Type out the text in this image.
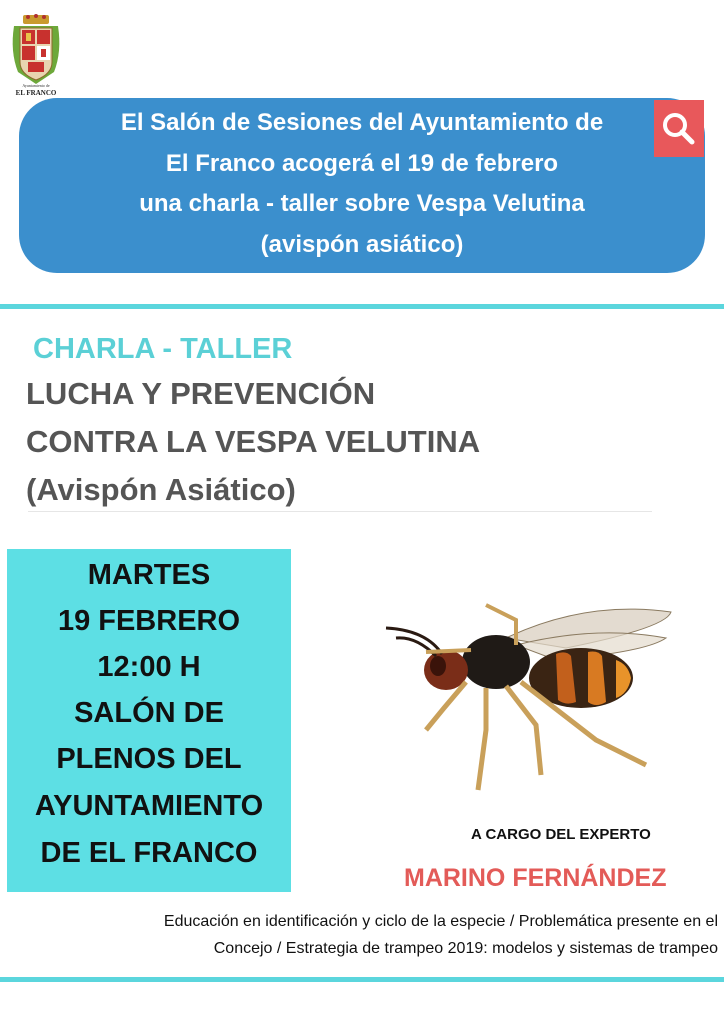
Ayuntamiento de
EL FRANCO
El Salón de Sesiones del Ayuntamiento de
El Franco acogerá el 19 de febrero
una charla - taller sobre Vespa Velutina
(avispón asiático)
CHARLA - TALLER
LUCHA Y PREVENCIÓN
CONTRA LA VESPA VELUTINA
(Avispón Asiático)
MARTES
19 FEBRERO
12:00 H
SALÓN DE
PLENOS DEL
AYUNTAMIENTO
DE EL FRANCO
A CARGO DEL EXPERTO
MARINO FERNÁNDEZ
Educación en identificación y ciclo de la especie / Problemática presente en el
Concejo / Estrategia de trampeo 2019: modelos y sistemas de trampeo
